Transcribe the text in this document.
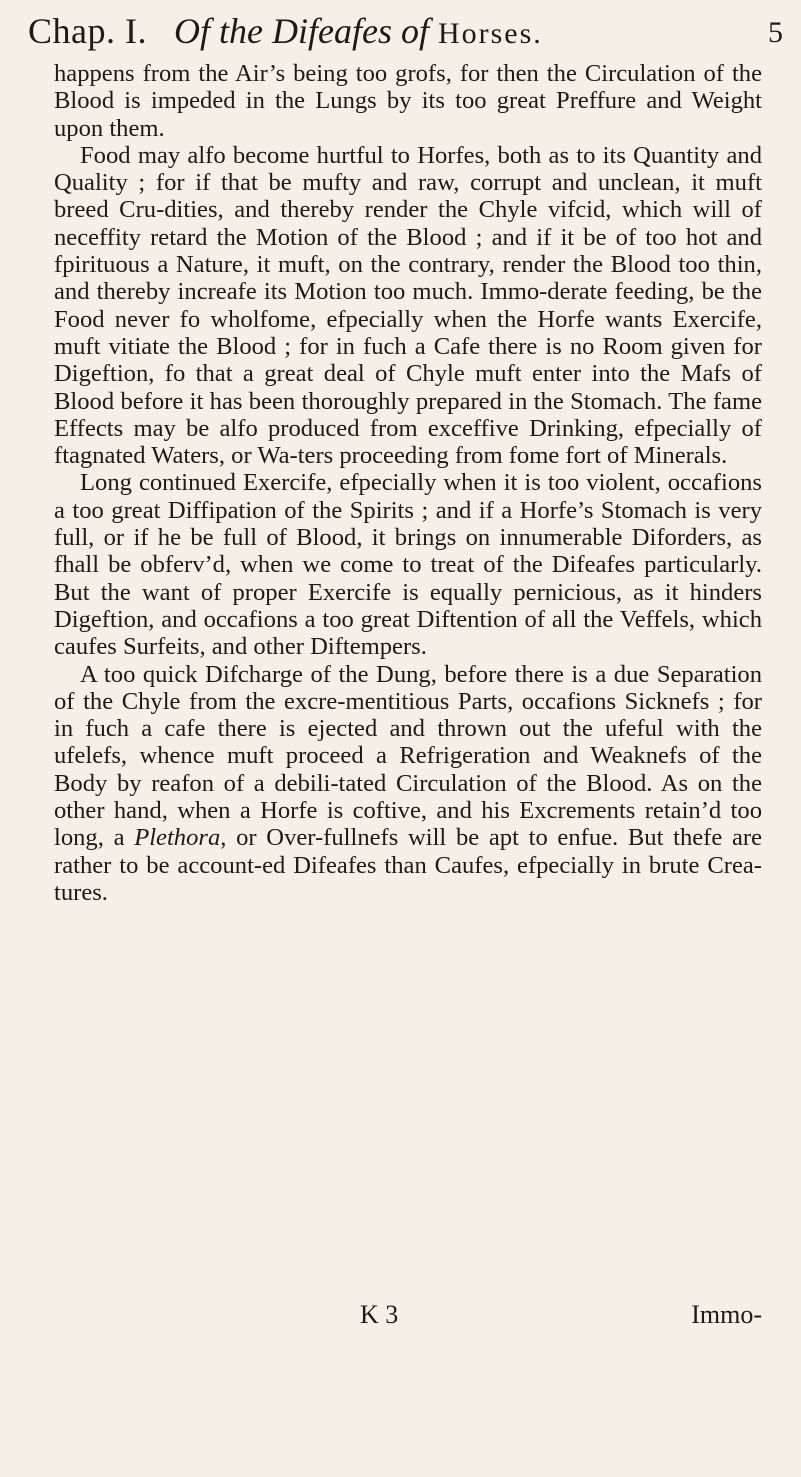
Chap. I. Of the Difeafes of Horses.	5

happens from the Air’s being too grofs, for then the Circulation of the Blood is impeded in the Lungs by its too great Preffure and Weight upon them.

Food may alfo become hurtful to Horfes, both as to its Quantity and Quality ; for if that be mufty and raw, corrupt and unclean, it muft breed Cru-dities, and thereby render the Chyle vifcid, which will of neceffity retard the Motion of the Blood ; and if it be of too hot and fpirituous a Nature, it muft, on the contrary, render the Blood too thin, and thereby increafe its Motion too much. Immo-derate feeding, be the Food never fo wholfome, efpecially when the Horfe wants Exercife, muft vitiate the Blood ; for in fuch a Cafe there is no Room given for Digeftion, fo that a great deal of Chyle muft enter into the Mafs of Blood before it has been thoroughly prepared in the Stomach. The fame Effects may be alfo produced from exceffive Drinking, efpecially of ftagnated Waters, or Wa-ters proceeding from fome fort of Minerals.

Long continued Exercife, efpecially when it is too violent, occafions a too great Diffipation of the Spirits ; and if a Horfe’s Stomach is very full, or if he be full of Blood, it brings on innumerable Diforders, as fhall be obferv’d, when we come to treat of the Difeafes particularly. But the want of proper Exercife is equally pernicious, as it hinders Digeftion, and occafions a too great Diftention of all the Veffels, which caufes Surfeits, and other Diftempers.

A too quick Difcharge of the Dung, before there is a due Separation of the Chyle from the excre-mentitious Parts, occafions Sicknefs ; for in fuch a cafe there is ejected and thrown out the ufeful with the ufelefs, whence muft proceed a Refrigeration and Weaknefs of the Body by reafon of a debili-tated Circulation of the Blood. As on the other hand, when a Horfe is coftive, and his Excrements retain’d too long, a Plethora, or Over-fullnefs will be apt to enfue. But thefe are rather to be account-ed Difeafes than Caufes, efpecially in brute Crea-tures.

K 3	Immo-
